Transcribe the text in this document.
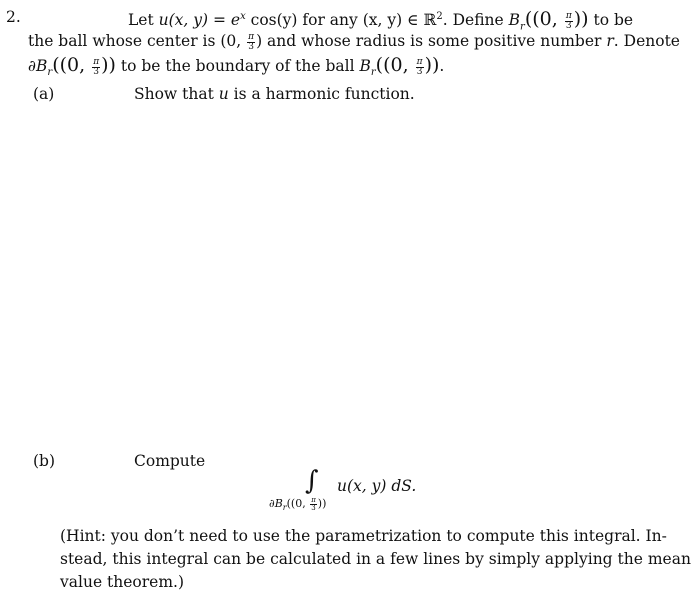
2.	Let u(x, $y) = e^x$ cos(y) for any (x, y) ∈ ℝ$^2$. Define $B_r((0$, $\frac{\pi}{3}$ )) to be
the ball whose center is (0, $\frac{\pi}{3}$ ) and whose radius is some positive number r. Denote
$\partial B_r((0$, $\frac{\pi}{3}$ )) to be the boundary of the ball $B_r((0$, $\frac{\pi}{3}$ )).
(a)	Show that u is a harmonic function.
(b)	Compute
∫ u(x, y) dS.
$\partial B_r((0$, $\frac{\pi}{3}$ ))
(Hint: you don’t need to use the parametrization to compute this integral. In-
stead, this integral can be calculated in a few lines by simply applying the mean
value theorem.)
